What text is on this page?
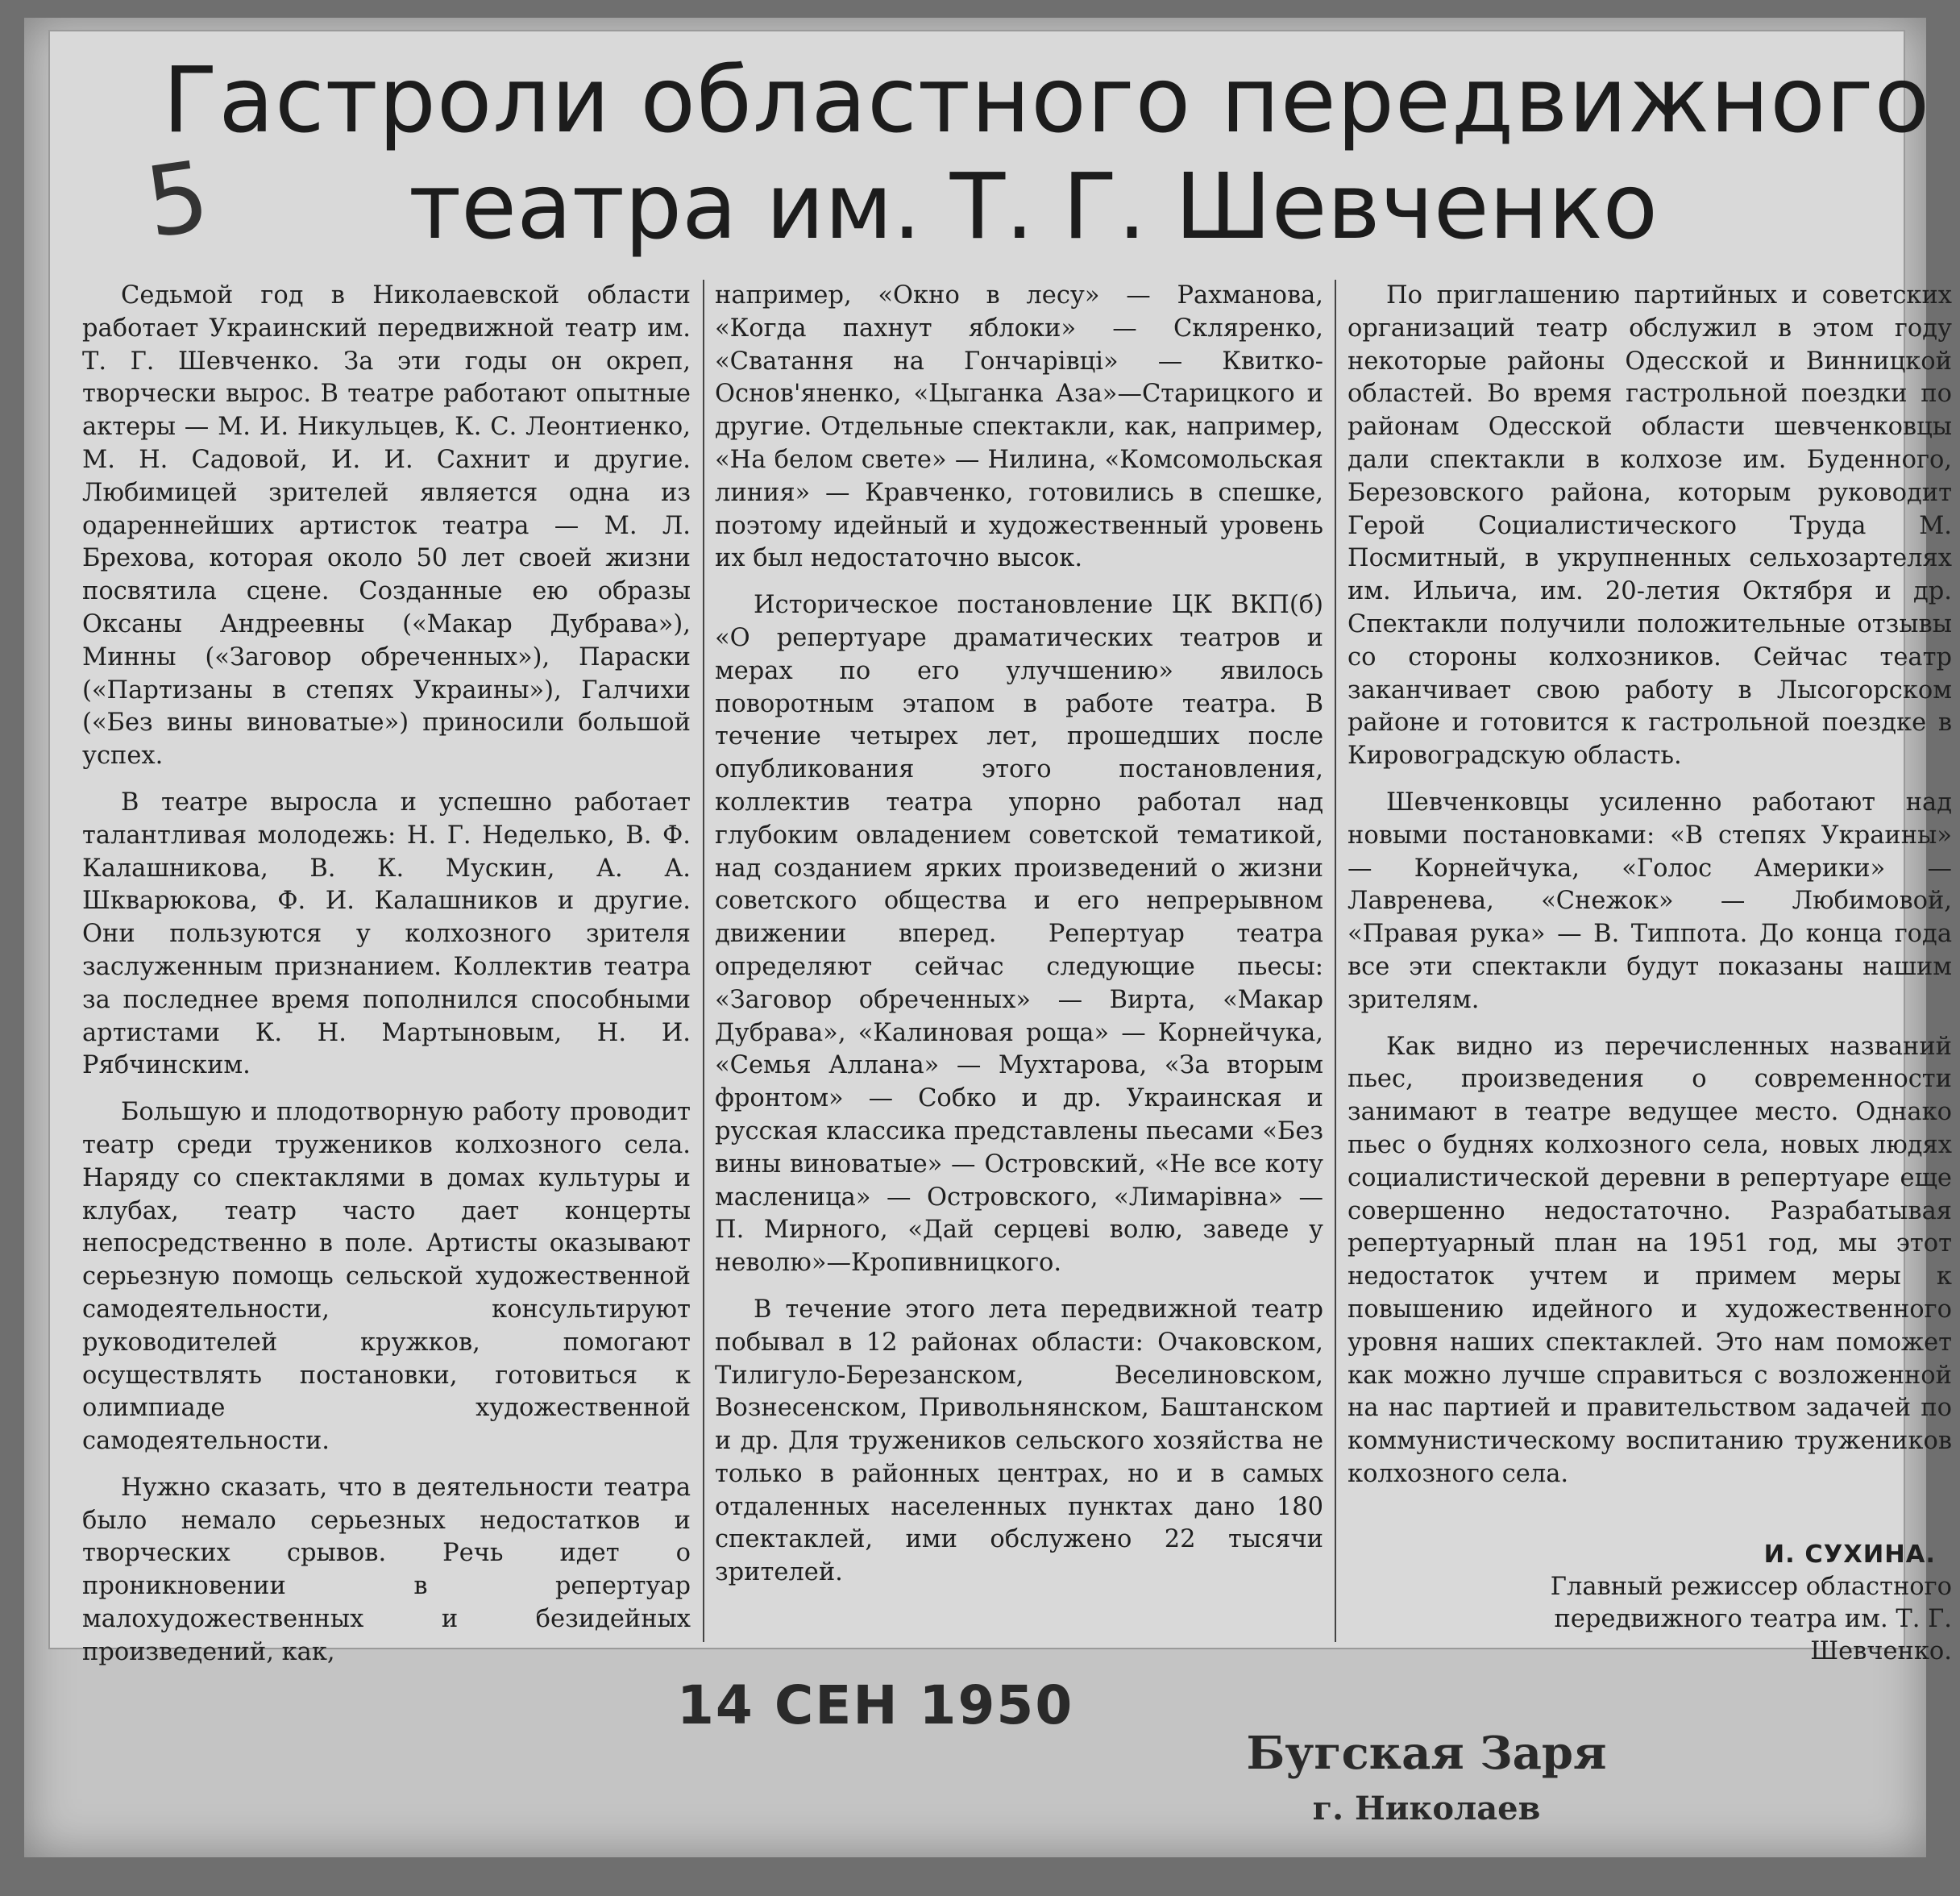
5
Гастроли областного передвижного
театра им. Т. Г. Шевченко

Седьмой год в Николаевской области работает Украинский передвижной театр им. Т. Г. Шевченко. За эти годы он окреп, творчески вырос. В театре работают опытные актеры — М. И. Никульцев, К. С. Леонтиенко, М. Н. Садовой, И. И. Сахнит и другие. Любимицей зрителей является одна из одареннейших артисток театра — М. Л. Брехова, которая около 50 лет своей жизни посвятила сцене. Созданные ею образы Оксаны Андреевны («Макар Дубрава»), Минны («Заговор обреченных»), Параски («Партизаны в степях Украины»), Галчихи («Без вины виноватые») приносили большой успех.

В театре выросла и успешно работает талантливая молодежь: Н. Г. Неделько, В. Ф. Калашникова, В. К. Мускин, А. А. Шкварюкова, Ф. И. Калашников и другие. Они пользуются у колхозного зрителя заслуженным признанием. Коллектив театра за последнее время пополнился способными артистами К. Н. Мартыновым, Н. И. Рябчинским.

Большую и плодотворную работу проводит театр среди тружеников колхозного села. Наряду со спектаклями в домах культуры и клубах, театр часто дает концерты непосредственно в поле. Артисты оказывают серьезную помощь сельской художественной самодеятельности, консультируют руководителей кружков, помогают осуществлять постановки, готовиться к олимпиаде художественной самодеятельности.

Нужно сказать, что в деятельности театра было немало серьезных недостатков и творческих срывов. Речь идет о проникновении в репертуар малохудожественных и безидейных произведений, как,

например, «Окно в лесу» — Рахманова, «Когда пахнут яблоки» — Скляренко, «Сватання на Гончарівці» — Квитко-Основ'яненко, «Цыганка Аза»—Старицкого и другие. Отдельные спектакли, как, например, «На белом свете» — Нилина, «Комсомольская линия» — Кравченко, готовились в спешке, поэтому идейный и художественный уровень их был недостаточно высок.

Историческое постановление ЦК ВКП(б) «О репертуаре драматических театров и мерах по его улучшению» явилось поворотным этапом в работе театра. В течение четырех лет, прошедших после опубликования этого постановления, коллектив театра упорно работал над глубоким овладением советской тематикой, над созданием ярких произведений о жизни советского общества и его непрерывном движении вперед. Репертуар театра определяют сейчас следующие пьесы: «Заговор обреченных» — Вирта, «Макар Дубрава», «Калиновая роща» — Корнейчука, «Семья Аллана» — Мухтарова, «За вторым фронтом» — Собко и др. Украинская и русская классика представлены пьесами «Без вины виноватые» — Островский, «Не все коту масленица» — Островского, «Лимарівна» — П. Мирного, «Дай серцеві волю, заведе у неволю»—Кропивницкого.

В течение этого лета передвижной театр побывал в 12 районах области: Очаковском, Тилигуло-Березанском, Веселиновском, Вознесенском, Привольнянском, Баштанском и др. Для тружеников сельского хозяйства не только в районных центрах, но и в самых отдаленных населенных пунктах дано 180 спектаклей, ими обслужено 22 тысячи зрителей.

По приглашению партийных и советских организаций театр обслужил в этом году некоторые районы Одесской и Винницкой областей. Во время гастрольной поездки по районам Одесской области шевченковцы дали спектакли в колхозе им. Буденного, Березовского района, которым руководит Герой Социалистического Труда М. Посмитный, в укрупненных сельхозартелях им. Ильича, им. 20-летия Октября и др. Спектакли получили положительные отзывы со стороны колхозников. Сейчас театр заканчивает свою работу в Лысогорском районе и готовится к гастрольной поездке в Кировоградскую область.

Шевченковцы усиленно работают над новыми постановками: «В степях Украины» — Корнейчука, «Голос Америки» — Лавренева, «Снежок» — Любимовой, «Правая рука» — В. Типпота. До конца года все эти спектакли будут показаны нашим зрителям.

Как видно из перечисленных названий пьес, произведения о современности занимают в театре ведущее место. Однако пьес о буднях колхозного села, новых людях социалистической деревни в репертуаре еще совершенно недостаточно. Разрабатывая репертуарный план на 1951 год, мы этот недостаток учтем и примем меры к повышению идейного и художественного уровня наших спектаклей. Это нам поможет как можно лучше справиться с возложенной на нас партией и правительством задачей по коммунистическому воспитанию тружеников колхозного села.

И. СУХИНА.
Главный режиссер областного передвижного театра им. Т. Г. Шевченко.
14 СЕН 1950
Бугская Заря
г. Николаев
